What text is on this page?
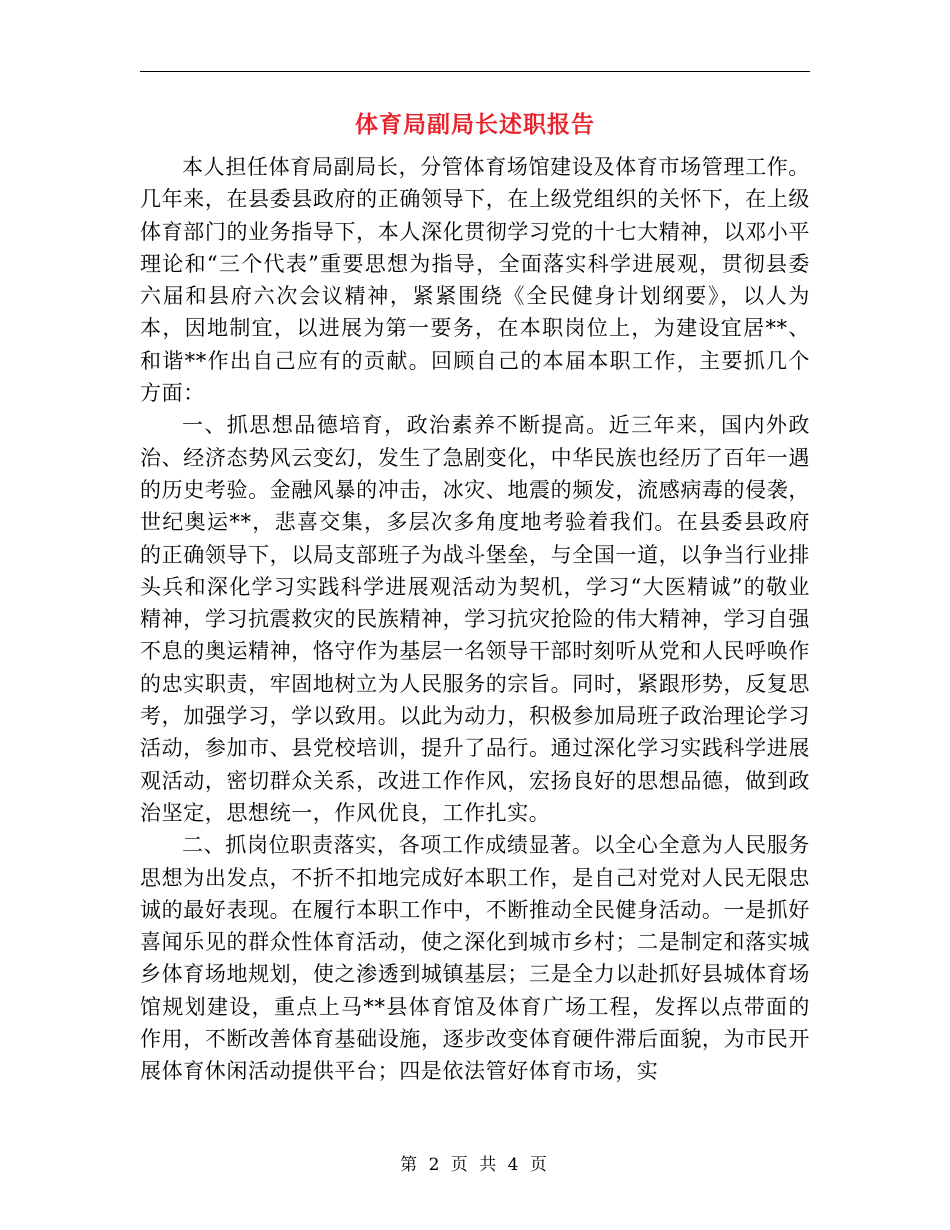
体育局副局长述职报告

本人担任体育局副局长，分管体育场馆建设及体育市场管理工作。几年来，在县委县政府的正确领导下，在上级党组织的关怀下，在上级体育部门的业务指导下，本人深化贯彻学习党的十七大精神，以邓小平理论和“三个代表”重要思想为指导，全面落实科学进展观，贯彻县委六届和县府六次会议精神，紧紧围绕《全民健身计划纲要》，以人为本，因地制宜，以进展为第一要务，在本职岗位上，为建设宜居**、和谐**作出自己应有的贡献。回顾自己的本届本职工作，主要抓几个方面：

一、抓思想品德培育，政治素养不断提高。近三年来，国内外政治、经济态势风云变幻，发生了急剧变化，中华民族也经历了百年一遇的历史考验。金融风暴的冲击，冰灾、地震的频发，流感病毒的侵袭，世纪奥运**，悲喜交集，多层次多角度地考验着我们。在县委县政府的正确领导下，以局支部班子为战斗堡垒，与全国一道，以争当行业排头兵和深化学习实践科学进展观活动为契机，学习“大医精诚”的敬业精神，学习抗震救灾的民族精神，学习抗灾抢险的伟大精神，学习自强不息的奥运精神，恪守作为基层一名领导干部时刻听从党和人民呼唤作的忠实职责，牢固地树立为人民服务的宗旨。同时，紧跟形势，反复思考，加强学习，学以致用。以此为动力，积极参加局班子政治理论学习活动，参加市、县党校培训，提升了品行。通过深化学习实践科学进展观活动，密切群众关系，改进工作作风，宏扬良好的思想品德，做到政治坚定，思想统一，作风优良，工作扎实。

二、抓岗位职责落实，各项工作成绩显著。以全心全意为人民服务思想为出发点，不折不扣地完成好本职工作，是自己对党对人民无限忠诚的最好表现。在履行本职工作中，不断推动全民健身活动。一是抓好喜闻乐见的群众性体育活动，使之深化到城市乡村；二是制定和落实城乡体育场地规划，使之渗透到城镇基层；三是全力以赴抓好县城体育场馆规划建设，重点上马**县体育馆及体育广场工程，发挥以点带面的作用，不断改善体育基础设施，逐步改变体育硬件滞后面貌，为市民开展体育休闲活动提供平台；四是依法管好体育市场，实

第 2 页 共 4 页
